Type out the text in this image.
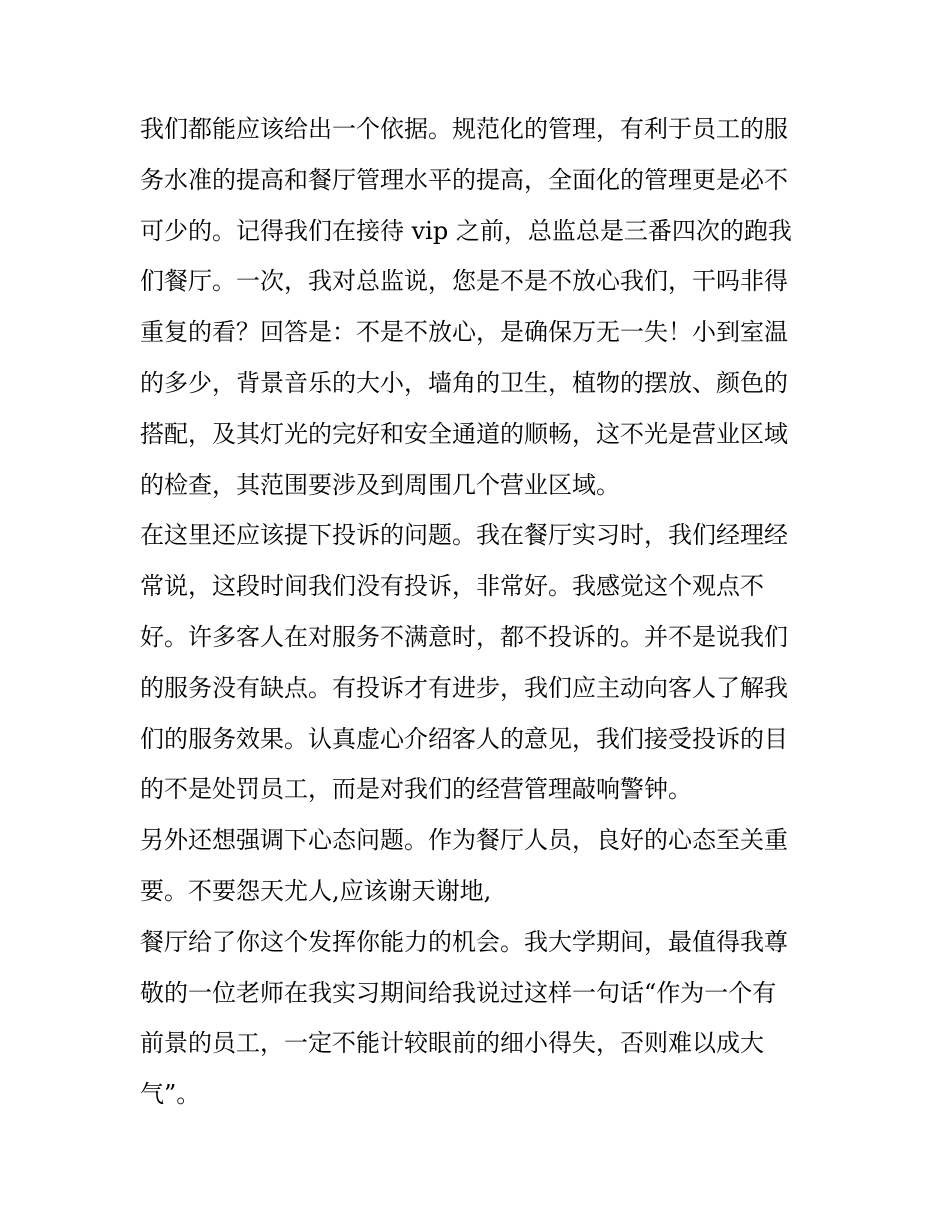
我们都能应该给出一个依据。规范化的管理，有利于员工的服
务水准的提高和餐厅管理水平的提高，全面化的管理更是必不
可少的。记得我们在接待 vip 之前，总监总是三番四次的跑我
们餐厅。一次，我对总监说，您是不是不放心我们，干吗非得
重复的看？回答是：不是不放心，是确保万无一失！小到室温
的多少，背景音乐的大小，墙角的卫生，植物的摆放、颜色的
搭配，及其灯光的完好和安全通道的顺畅，这不光是营业区域
的检查，其范围要涉及到周围几个营业区域。
在这里还应该提下投诉的问题。我在餐厅实习时，我们经理经
常说，这段时间我们没有投诉，非常好。我感觉这个观点不
好。许多客人在对服务不满意时，都不投诉的。并不是说我们
的服务没有缺点。有投诉才有进步，我们应主动向客人了解我
们的服务效果。认真虚心介绍客人的意见，我们接受投诉的目
的不是处罚员工，而是对我们的经营管理敲响警钟。
另外还想强调下心态问题。作为餐厅人员，良好的心态至关重
要。不要怨天尤人,应该谢天谢地,
餐厅给了你这个发挥你能力的机会。我大学期间，最值得我尊
敬的一位老师在我实习期间给我说过这样一句话“作为一个有
前景的员工，一定不能计较眼前的细小得失，否则难以成大
气”。
